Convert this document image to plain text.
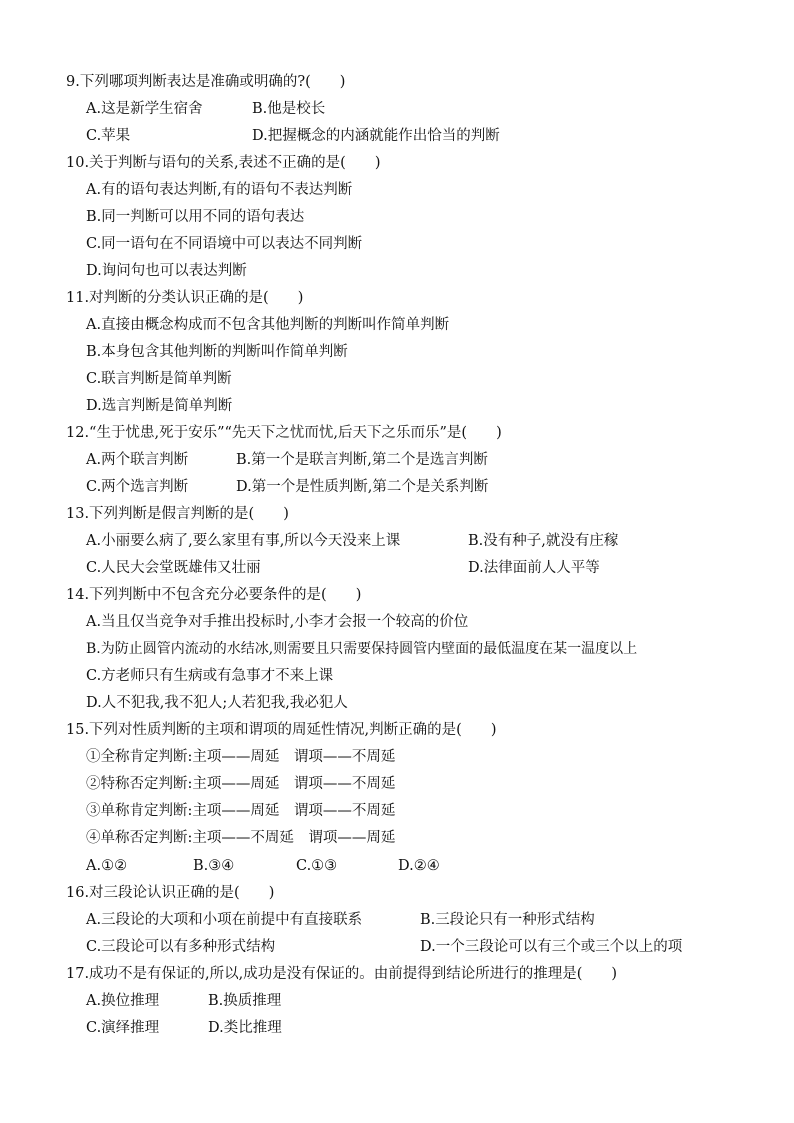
9.下列哪项判断表达是准确或明确的?(　　)
A.这是新学生宿舍	B.他是校长
C.苹果	D.把握概念的内涵就能作出恰当的判断
10.关于判断与语句的关系,表述不正确的是(　　)
A.有的语句表达判断,有的语句不表达判断
B.同一判断可以用不同的语句表达
C.同一语句在不同语境中可以表达不同判断
D.询问句也可以表达判断
11.对判断的分类认识正确的是(　　)
A.直接由概念构成而不包含其他判断的判断叫作简单判断
B.本身包含其他判断的判断叫作简单判断
C.联言判断是简单判断
D.选言判断是简单判断
12.“生于忧患,死于安乐”“先天下之忧而忧,后天下之乐而乐”是(　　)
A.两个联言判断	B.第一个是联言判断,第二个是选言判断
C.两个选言判断	D.第一个是性质判断,第二个是关系判断
13.下列判断是假言判断的是(　　)
A.小丽要么病了,要么家里有事,所以今天没来上课	B.没有种子,就没有庄稼
C.人民大会堂既雄伟又壮丽	D.法律面前人人平等
14.下列判断中不包含充分必要条件的是(　　)
A.当且仅当竞争对手推出投标时,小李才会报一个较高的价位
B.为防止圆管内流动的水结冰,则需要且只需要保持圆管内壁面的最低温度在某一温度以上
C.方老师只有生病或有急事才不来上课
D.人不犯我,我不犯人;人若犯我,我必犯人
15.下列对性质判断的主项和谓项的周延性情况,判断正确的是(　　)
①全称肯定判断:主项——周延　谓项——不周延
②特称否定判断:主项——周延　谓项——不周延
③单称肯定判断:主项——周延　谓项——不周延
④单称否定判断:主项——不周延　谓项——周延
A.①②	B.③④	C.①③	D.②④
16.对三段论认识正确的是(　　)
A.三段论的大项和小项在前提中有直接联系	B.三段论只有一种形式结构
C.三段论可以有多种形式结构	D.一个三段论可以有三个或三个以上的项
17.成功不是有保证的,所以,成功是没有保证的。由前提得到结论所进行的推理是(　　)
A.换位推理	B.换质推理
C.演绎推理	D.类比推理
